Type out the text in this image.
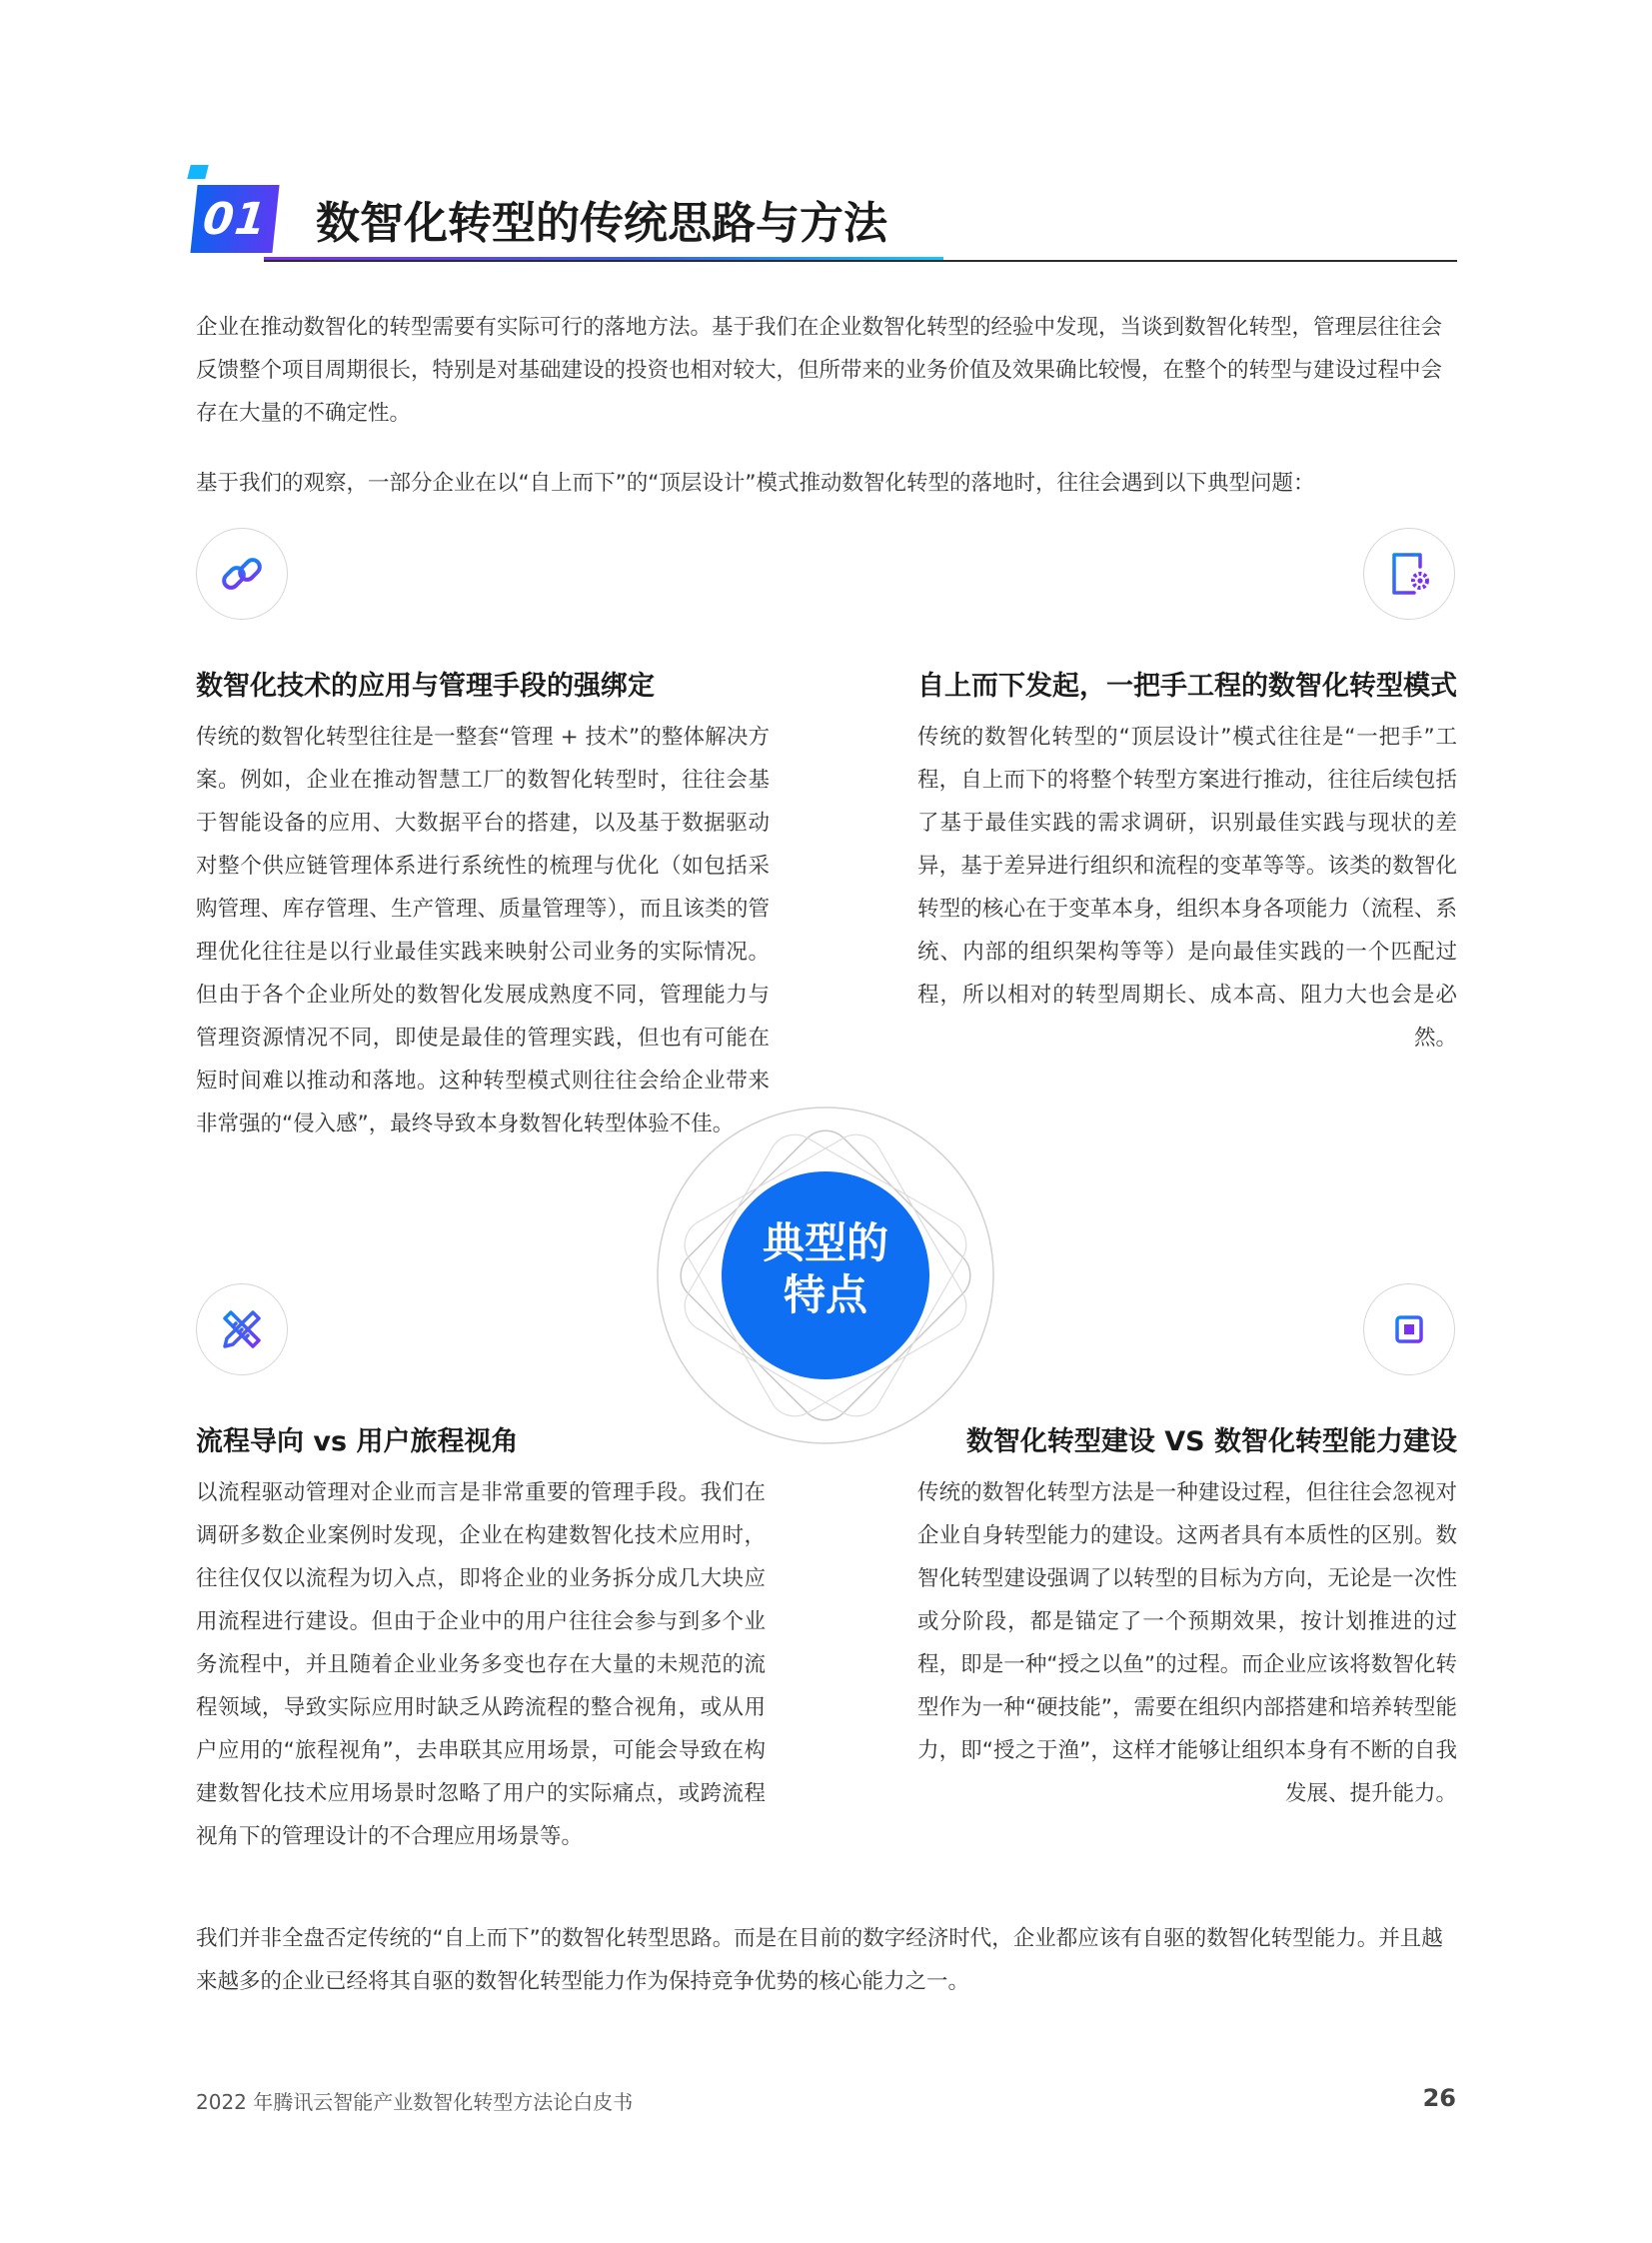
01 数智化转型的传统思路与方法

企业在推动数智化的转型需要有实际可行的落地方法。基于我们在企业数智化转型的经验中发现，当谈到数智化转型，管理层往往会反馈整个项目周期很长，特别是对基础建设的投资也相对较大，但所带来的业务价值及效果确比较慢，在整个的转型与建设过程中会存在大量的不确定性。

基于我们的观察，一部分企业在以“自上而下”的“顶层设计”模式推动数智化转型的落地时，往往会遇到以下典型问题：

典型的
特点
数智化技术的应用与管理手段的强绑定

传统的数智化转型往往是一整套“管理 + 技术”的整体解决方案。例如，企业在推动智慧工厂的数智化转型时，往往会基于智能设备的应用、大数据平台的搭建，以及基于数据驱动对整个供应链管理体系进行系统性的梳理与优化（如包括采购管理、库存管理、生产管理、质量管理等），而且该类的管理优化往往是以行业最佳实践来映射公司业务的实际情况。但由于各个企业所处的数智化发展成熟度不同，管理能力与管理资源情况不同，即使是最佳的管理实践，但也有可能在短时间难以推动和落地。这种转型模式则往往会给企业带来非常强的“侵入感”，最终导致本身数智化转型体验不佳。

自上而下发起，一把手工程的数智化转型模式

传统的数智化转型的“顶层设计”模式往往是“一把手”工程，自上而下的将整个转型方案进行推动，往往后续包括了基于最佳实践的需求调研，识别最佳实践与现状的差异，基于差异进行组织和流程的变革等等。该类的数智化转型的核心在于变革本身，组织本身各项能力（流程、系统、内部的组织架构等等）是向最佳实践的一个匹配过程，所以相对的转型周期长、成本高、阻力大也会是必然。

流程导向 vs 用户旅程视角

以流程驱动管理对企业而言是非常重要的管理手段。我们在调研多数企业案例时发现，企业在构建数智化技术应用时，往往仅仅以流程为切入点，即将企业的业务拆分成几大块应用流程进行建设。但由于企业中的用户往往会参与到多个业务流程中，并且随着企业业务多变也存在大量的未规范的流程领域，导致实际应用时缺乏从跨流程的整合视角，或从用户应用的“旅程视角”，去串联其应用场景，可能会导致在构建数智化技术应用场景时忽略了用户的实际痛点，或跨流程视角下的管理设计的不合理应用场景等。

数智化转型建设 VS 数智化转型能力建设

传统的数智化转型方法是一种建设过程，但往往会忽视对企业自身转型能力的建设。这两者具有本质性的区别。数智化转型建设强调了以转型的目标为方向，无论是一次性或分阶段，都是锚定了一个预期效果，按计划推进的过程，即是一种“授之以鱼”的过程。而企业应该将数智化转型作为一种“硬技能”，需要在组织内部搭建和培养转型能力，即“授之于渔”，这样才能够让组织本身有不断的自我发展、提升能力。

我们并非全盘否定传统的“自上而下”的数智化转型思路。而是在目前的数字经济时代，企业都应该有自驱的数智化转型能力。并且越来越多的企业已经将其自驱的数智化转型能力作为保持竞争优势的核心能力之一。

2022 年腾讯云智能产业数智化转型方法论白皮书	26
